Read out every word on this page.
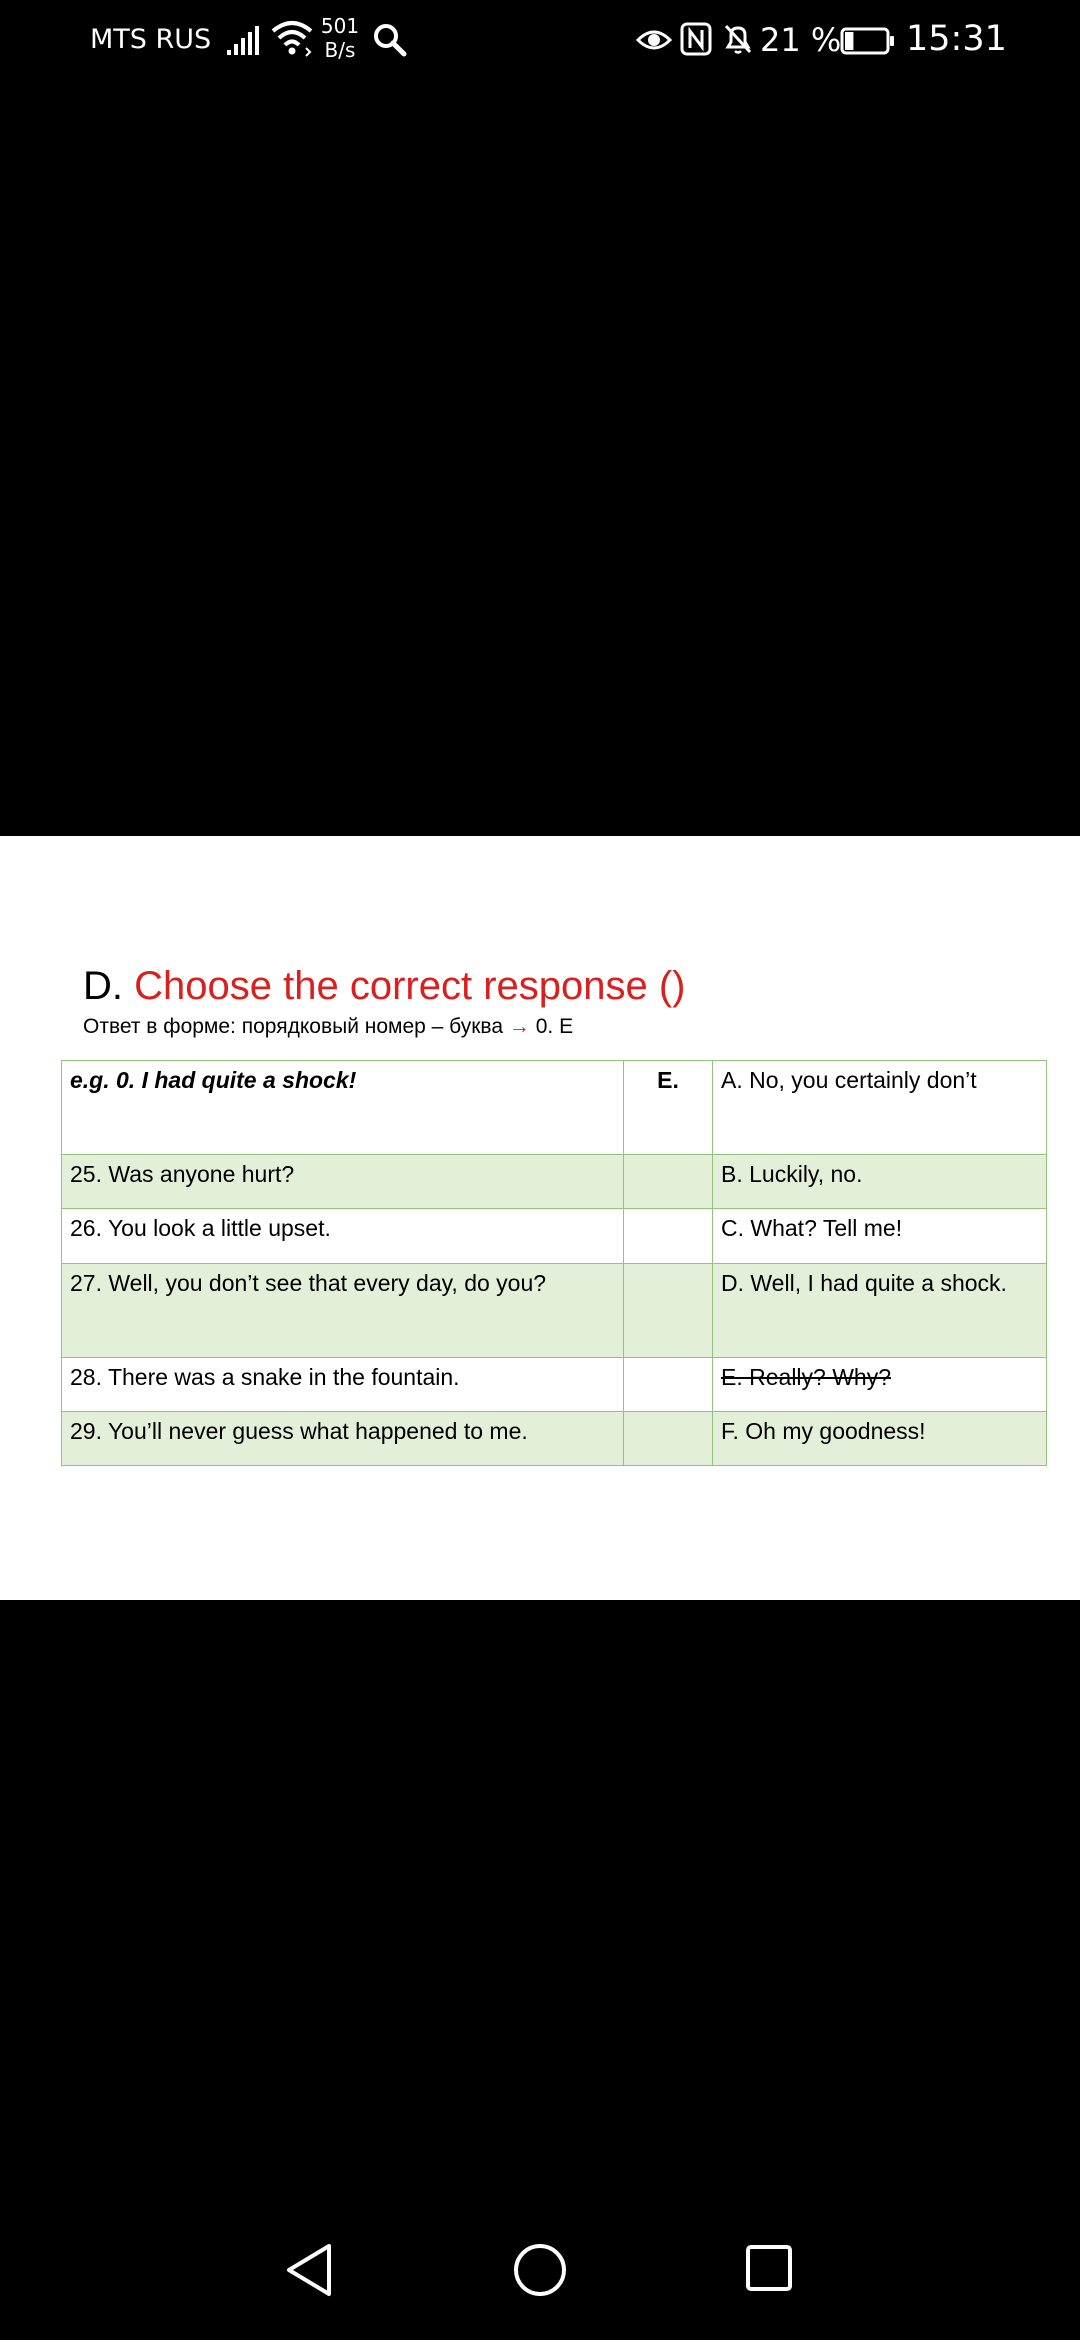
MTS RUS	501
B/s	21 % 15:31
D. Choose the correct response ()
Ответ в форме: порядковый номер – буква → 0. E
e.g. 0. I had quite a shock!	E.	A. No, you certainly don’t
25. Was anyone hurt?		B. Luckily, no.
26. You look a little upset.		C. What? Tell me!
27. Well, you don’t see that every day, do you?		D. Well, I had quite a shock.
28. There was a snake in the fountain.		E. Really? Why?
29. You’ll never guess what happened to me.		F. Oh my goodness!
